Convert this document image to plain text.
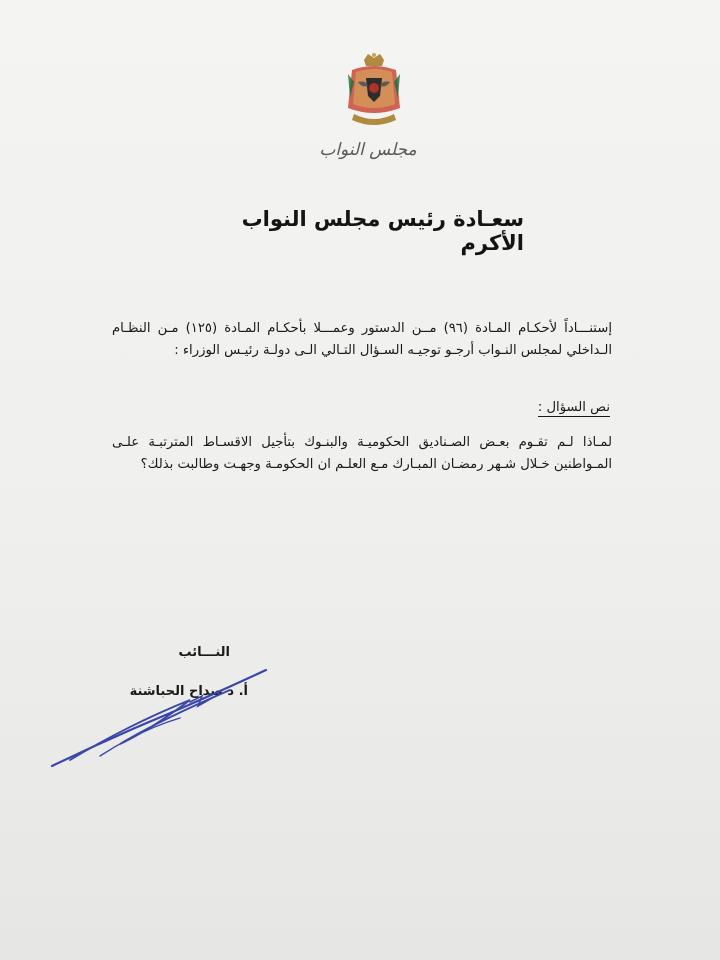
مجلس النواب
سعـادة رئيس مجلس النواب الأكرم
إستنـــاداً لأحكـام المـادة (٩٦) مــن الدستور وعمـــلا بأحكـام المـادة (١٢٥) مـن النظـام الـداخلي لمجلس النـواب أرجـو توجيـه السـؤال التـالي الـى دولـة رئيـس الوزراء :
نص السؤال :
لمـاذا لـم تقـوم بعـض الصـناديق الحكوميـة والبنـوك بتأجيل الاقسـاط المترتبـة علـى المـواطنين خـلال شـهر رمضـان المبـارك مـع العلـم ان الحكومـة وجهـت وطالبت بذلك؟
النـــائب
أ. د صداح الحباشنة
